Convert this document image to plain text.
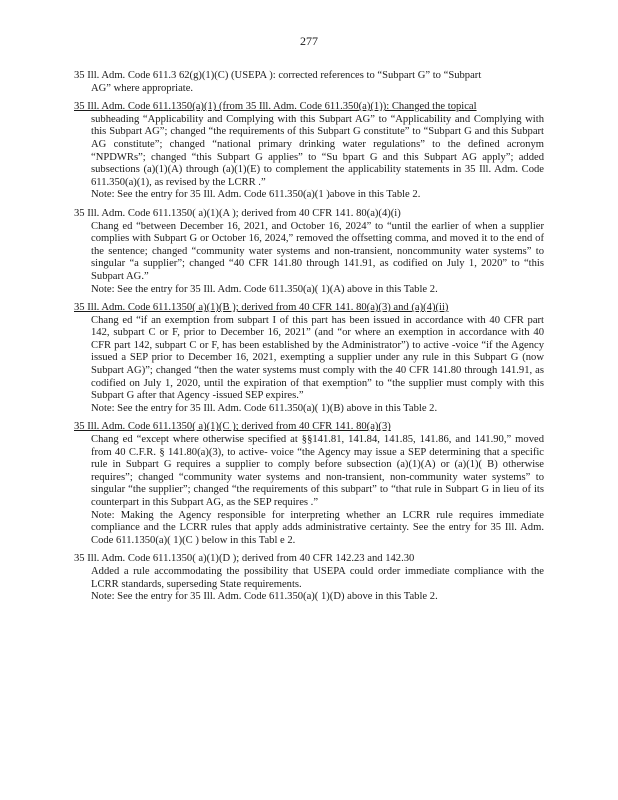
277
35 Ill. Adm. Code 611.3 62(g)(1)(C) (USEPA ): corrected references to “Subpart G” to “Subpart

AG” where appropriate.

35 Ill. Adm. Code 611.1350(a)(1) (from 35 Ill. Adm. Code 611.350(a)(1)): Changed the topical

subheading “Applicability and Complying with this Subpart AG” to “Applicability and Complying with this Subpart AG”; changed “the requirements of this Subpart G constitute” to “Subpart G and this Subpart AG constitute”; changed “national primary drinking water regulations” to the defined acronym “NPDWRs”; changed “this Subpart G applies” to “Su bpart G and this Subpart AG apply”; added subsections (a)(1)(A) through (a)(1)(E) to complement the applicability statements in 35 Ill. Adm. Code 611.350(a)(1), as revised by the LCRR .”

Note: See the entry for 35 Ill. Adm. Code 611.350(a)(1 )above in this Table 2.

35 Ill. Adm. Code 611.1350( a)(1)(A ); derived from 40 CFR 141. 80(a)(4)(i)

Chang ed “between December 16, 2021, and October 16, 2024” to “until the earlier of when a supplier complies with Subpart G or October 16, 2024,” removed the offsetting comma, and moved it to the end of the sentence; changed “community water systems and non-transient, noncommunity water systems” to singular “a supplier”; changed “40 CFR 141.80 through 141.91, as codified on July 1, 2020” to “this Subpart AG.”

Note: See the entry for 35 Ill. Adm. Code 611.350(a)( 1)(A) above in this Table 2.

35 Ill. Adm. Code 611.1350( a)(1)(B ); derived from 40 CFR 141. 80(a)(3) and (a)(4)(ii)

Chang ed “if an exemption from subpart I of this part has been issued in accordance with 40 CFR part 142, subpart C or F, prior to December 16, 2021” (and “or where an exemption in accordance with 40 CFR part 142, subpart C or F, has been established by the Administrator”) to active -voice “if the Agency issued a SEP prior to December 16, 2021, exempting a supplier under any rule in this Subpart G (now Subpart AG)”; changed “then the water systems must comply with the 40 CFR 141.80 through 141.91, as codified on July 1, 2020, until the expiration of that exemption” to “the supplier must comply with this Subpart G after that Agency -issued SEP expires.”

Note: See the entry for 35 Ill. Adm. Code 611.350(a)( 1)(B) above in this Table 2.

35 Ill. Adm. Code 611.1350( a)(1)(C ); derived from 40 CFR 141. 80(a)(3)

Chang ed “except where otherwise specified at §§141.81, 141.84, 141.85, 141.86, and 141.90,” moved from 40 C.F.R. § 141.80(a)(3), to active- voice “the Agency may issue a SEP determining that a specific rule in Subpart G requires a supplier to comply before subsection (a)(1)(A) or (a)(1)( B) otherwise requires”; changed “community water systems and non-transient, non-community water systems” to singular “the supplier”; changed “the requirements of this subpart” to “that rule in Subpart G in lieu of its counterpart in this Subpart AG, as the SEP requires .”

Note: Making the Agency responsible for interpreting whether an LCRR rule requires immediate compliance and the LCRR rules that apply adds administrative certainty. See the entry for 35 Ill. Adm. Code 611.1350(a)( 1)(C ) below in this Tabl e 2.

35 Ill. Adm. Code 611.1350( a)(1)(D ); derived from 40 CFR 142.23 and 142.30

Added a rule accommodating the possibility that USEPA could order immediate compliance with the LCRR standards, superseding State requirements.

Note: See the entry for 35 Ill. Adm. Code 611.350(a)( 1)(D) above in this Table 2.
